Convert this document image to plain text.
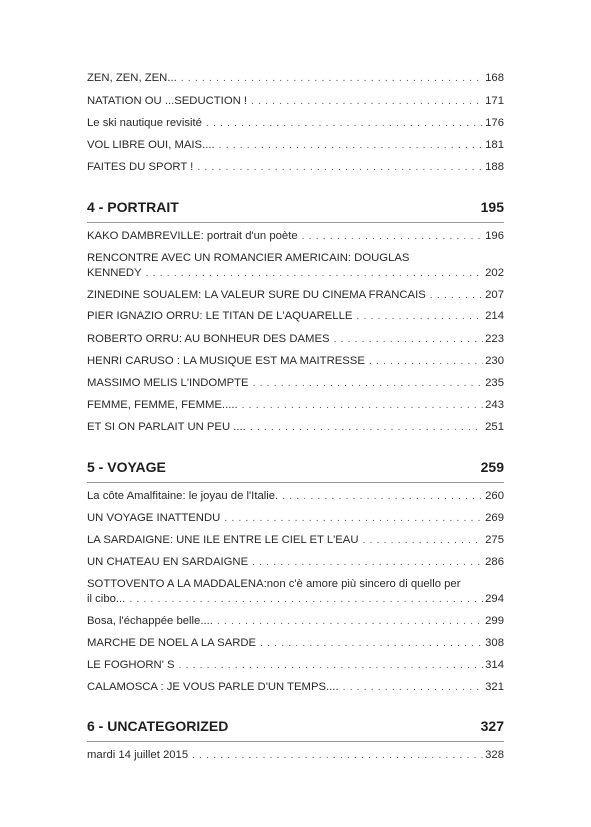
ZEN, ZEN, ZEN... . . .	168
NATATION OU ...SEDUCTION ! . . .	171
Le ski nautique revisité . . .	176
VOL LIBRE OUI, MAIS.... . . .	181
FAITES DU SPORT ! . . .	188
4 - PORTRAIT	195
KAKO DAMBREVILLE: portrait d'un poète . . .	196
RENCONTRE AVEC UN ROMANCIER AMERICAIN: DOUGLAS
KENNEDY . . .	202
ZINEDINE SOUALEM: LA VALEUR SURE DU CINEMA FRANCAIS . . .	207
PIER IGNAZIO ORRU: LE TITAN DE L'AQUARELLE . . .	214
ROBERTO ORRU: AU BONHEUR DES DAMES . . .	223
HENRI CARUSO : LA MUSIQUE EST MA MAITRESSE . . .	230
MASSIMO MELIS L'INDOMPTE . . .	235
FEMME, FEMME, FEMME..... . . .	243
ET SI ON PARLAIT UN PEU .... . . .	251
5 - VOYAGE	259
La côte Amalfitaine: le joyau de l'Italie. . . .	260
UN VOYAGE INATTENDU . . .	269
LA SARDAIGNE: UNE ILE ENTRE LE CIEL ET L'EAU . . .	275
UN CHATEAU EN SARDAIGNE . . .	286
SOTTOVENTO A LA MADDALENA:non c'è amore più sincero di quello per
il cibo... . . .	294
Bosa, l'échappée belle.... . . .	299
MARCHE DE NOEL A LA SARDE . . .	308
LE FOGHORN' S . . .	314
CALAMOSCA : JE VOUS PARLE D'UN TEMPS.... . . .	321
6 - UNCATEGORIZED	327
mardi 14 juillet 2015 . . .	328
